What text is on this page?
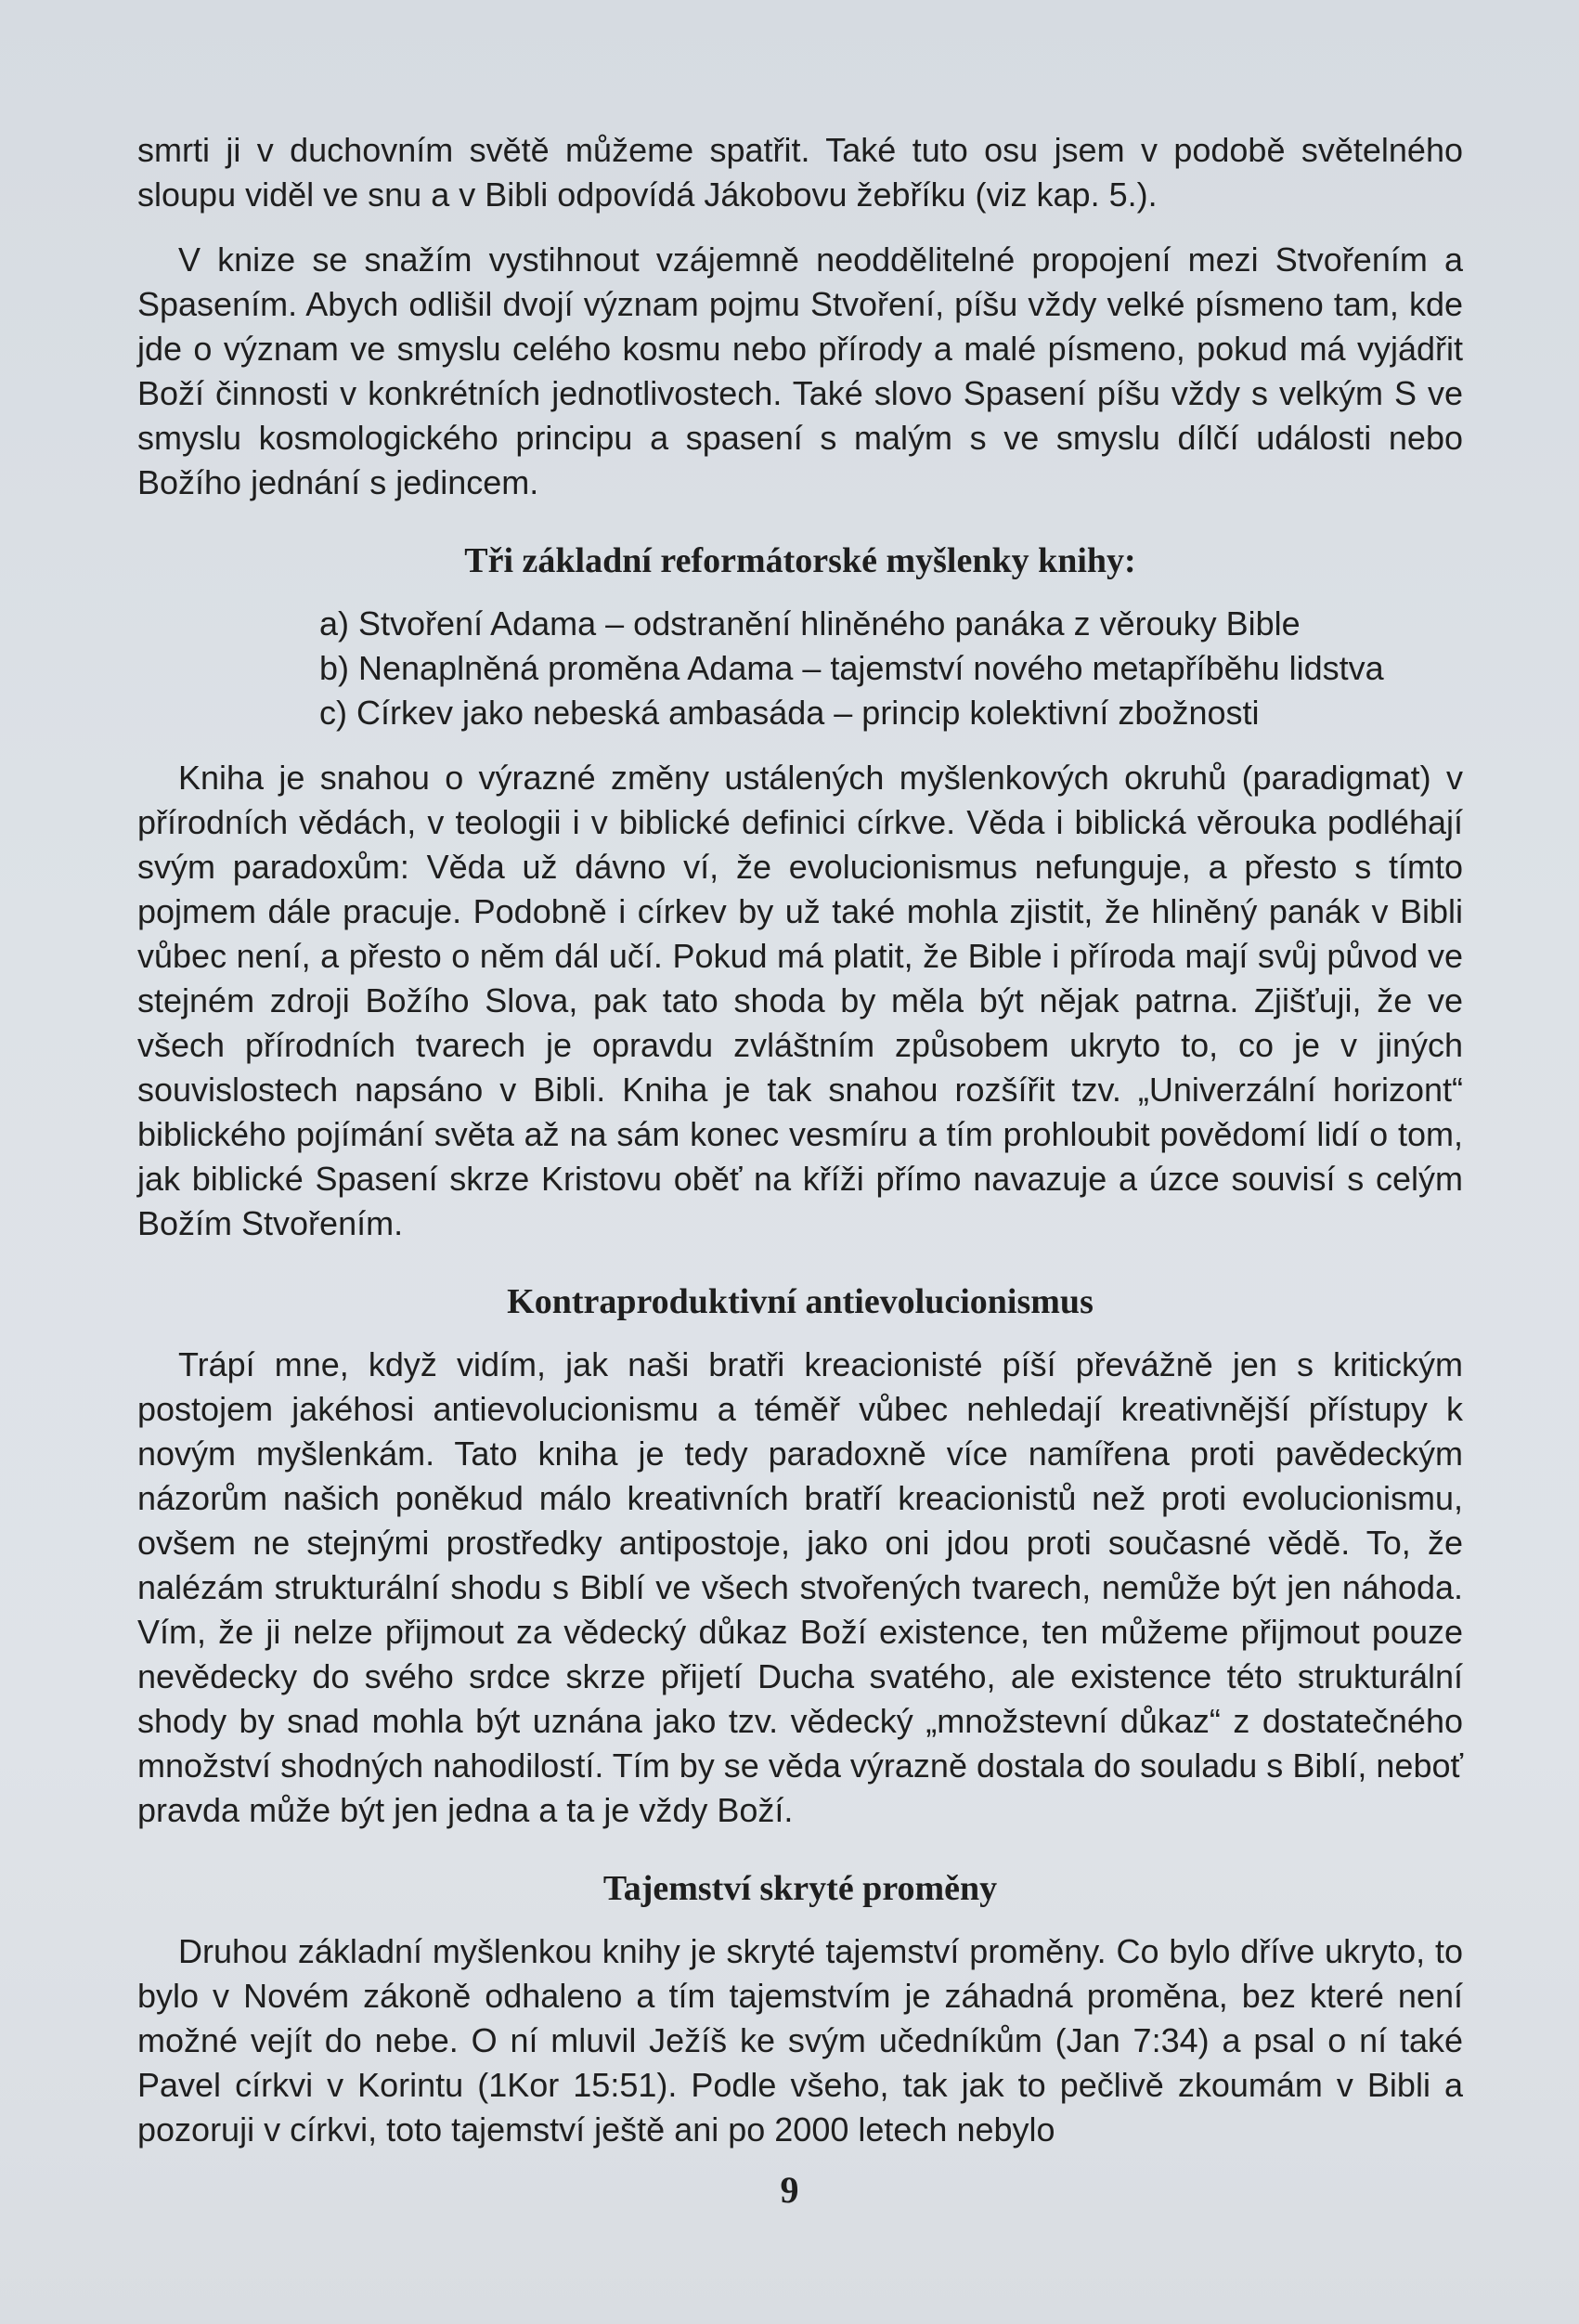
smrti ji v duchovním světě můžeme spatřit. Také tuto osu jsem v podobě světelného sloupu viděl ve snu a v Bibli odpovídá Jákobovu žebříku (viz kap. 5.).

V knize se snažím vystihnout vzájemně neoddělitelné propojení mezi Stvořením a Spasením. Abych odlišil dvojí význam pojmu Stvoření, píšu vždy velké písmeno tam, kde jde o význam ve smyslu celého kosmu nebo přírody a malé písmeno, pokud má vyjádřit Boží činnosti v konkrétních jednotlivostech. Také slovo Spasení píšu vždy s velkým S ve smyslu kosmologického principu a spasení s malým s ve smyslu dílčí události nebo Božího jednání s jedincem.

Tři základní reformátorské myšlenky knihy:
a) Stvoření Adama – odstranění hliněného panáka z věrouky Bible
b) Nenaplněná proměna Adama – tajemství nového metapříběhu lidstva
c) Církev jako nebeská ambasáda – princip kolektivní zbožnosti

Kniha je snahou o výrazné změny ustálených myšlenkových okruhů (paradigmat) v přírodních vědách, v teologii i v biblické definici církve. Věda i biblická věrouka podléhají svým paradoxům: Věda už dávno ví, že evolucionismus nefunguje, a přesto s tímto pojmem dále pracuje. Podobně i církev by už také mohla zjistit, že hliněný panák v Bibli vůbec není, a přesto o něm dál učí. Pokud má platit, že Bible i příroda mají svůj původ ve stejném zdroji Božího Slova, pak tato shoda by měla být nějak patrna. Zjišťuji, že ve všech přírodních tvarech je opravdu zvláštním způsobem ukryto to, co je v jiných souvislostech napsáno v Bibli. Kniha je tak snahou rozšířit tzv. „Univerzální horizont“ biblického pojímání světa až na sám konec vesmíru a tím prohloubit povědomí lidí o tom, jak biblické Spasení skrze Kristovu oběť na kříži přímo navazuje a úzce souvisí s celým Božím Stvořením.

Kontraproduktivní antievolucionismus

Trápí mne, když vidím, jak naši bratři kreacionisté píší převážně jen s kritickým postojem jakéhosi antievolucionismu a téměř vůbec nehledají kreativnější přístupy k novým myšlenkám. Tato kniha je tedy paradoxně více namířena proti pavědeckým názorům našich poněkud málo kreativních bratří kreacionistů než proti evolucionismu, ovšem ne stejnými prostředky antipostoje, jako oni jdou proti současné vědě. To, že nalézám strukturální shodu s Biblí ve všech stvořených tvarech, nemůže být jen náhoda. Vím, že ji nelze přijmout za vědecký důkaz Boží existence, ten můžeme přijmout pouze nevědecky do svého srdce skrze přijetí Ducha svatého, ale existence této strukturální shody by snad mohla být uznána jako tzv. vědecký „množstevní důkaz“ z dostatečného množství shodných nahodilostí. Tím by se věda výrazně dostala do souladu s Biblí, neboť pravda může být jen jedna a ta je vždy Boží.

Tajemství skryté proměny

Druhou základní myšlenkou knihy je skryté tajemství proměny. Co bylo dříve ukryto, to bylo v Novém zákoně odhaleno a tím tajemstvím je záhadná proměna, bez které není možné vejít do nebe. O ní mluvil Ježíš ke svým učedníkům (Jan 7:34) a psal o ní také Pavel církvi v Korintu (1Kor 15:51). Podle všeho, tak jak to pečlivě zkoumám v Bibli a pozoruji v církvi, toto tajemství ještě ani po 2000 letech nebylo

9
